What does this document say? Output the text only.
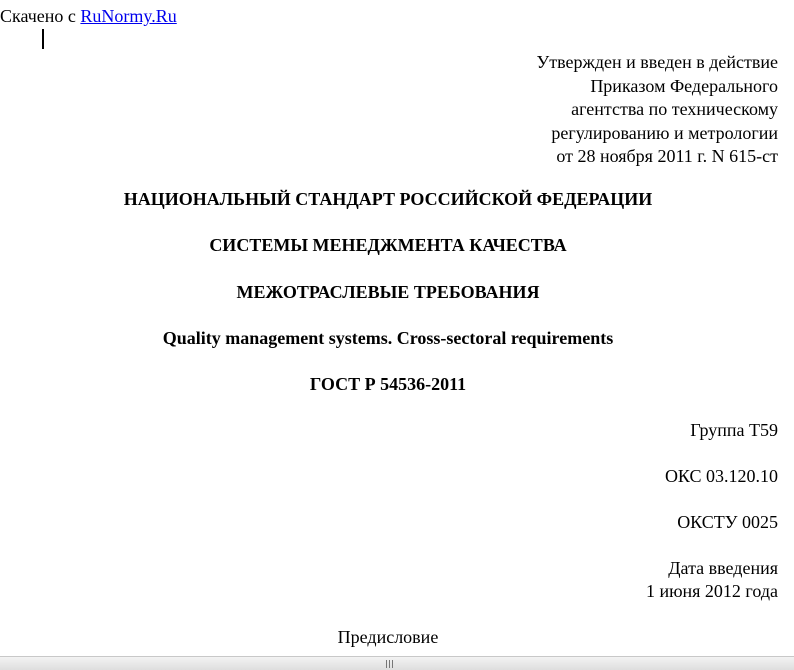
Скачено с RuNormy.Ru
Утвержден и введен в действие
Приказом Федерального
агентства по техническому
регулированию и метрологии
от 28 ноября 2011 г. N 615-ст
НАЦИОНАЛЬНЫЙ СТАНДАРТ РОССИЙСКОЙ ФЕДЕРАЦИИ
СИСТЕМЫ МЕНЕДЖМЕНТА КАЧЕСТВА
МЕЖОТРАСЛЕВЫЕ ТРЕБОВАНИЯ
Quality management systems. Cross-sectoral requirements
ГОСТ Р 54536-2011
Группа Т59
ОКС 03.120.10
ОКСТУ 0025
Дата введения
1 июня 2012 года
Предисловие
